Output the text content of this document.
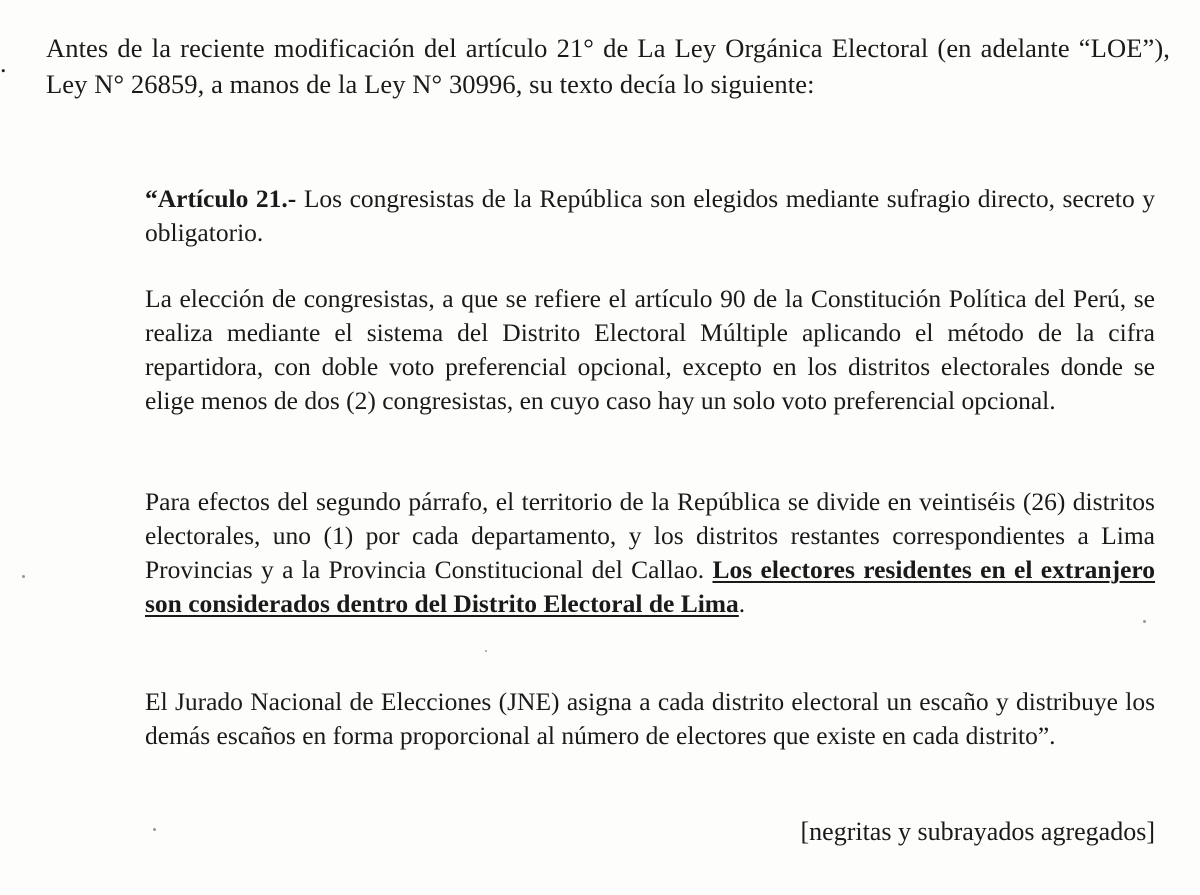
.

Antes de la reciente modificación del artículo 21° de La Ley Orgánica Electoral (en adelante “LOE”), Ley N° 26859, a manos de la Ley N° 30996, su texto decía lo siguiente:

“Artículo 21.- Los congresistas de la República son elegidos mediante sufragio directo, secreto y obligatorio.

La elección de congresistas, a que se refiere el artículo 90 de la Constitución Política del Perú, se realiza mediante el sistema del Distrito Electoral Múltiple aplicando el método de la cifra repartidora, con doble voto preferencial opcional, excepto en los distritos electorales donde se elige menos de dos (2) congresistas, en cuyo caso hay un solo voto preferencial opcional.

Para efectos del segundo párrafo, el territorio de la República se divide en veintiséis (26) distritos electorales, uno (1) por cada departamento, y los distritos restantes correspondientes a Lima Provincias y a la Provincia Constitucional del Callao. Los electores residentes en el extranjero son considerados dentro del Distrito Electoral de Lima.

El Jurado Nacional de Elecciones (JNE) asigna a cada distrito electoral un escaño y distribuye los demás escaños en forma proporcional al número de electores que existe en cada distrito”.

[negritas y subrayados agregados]
